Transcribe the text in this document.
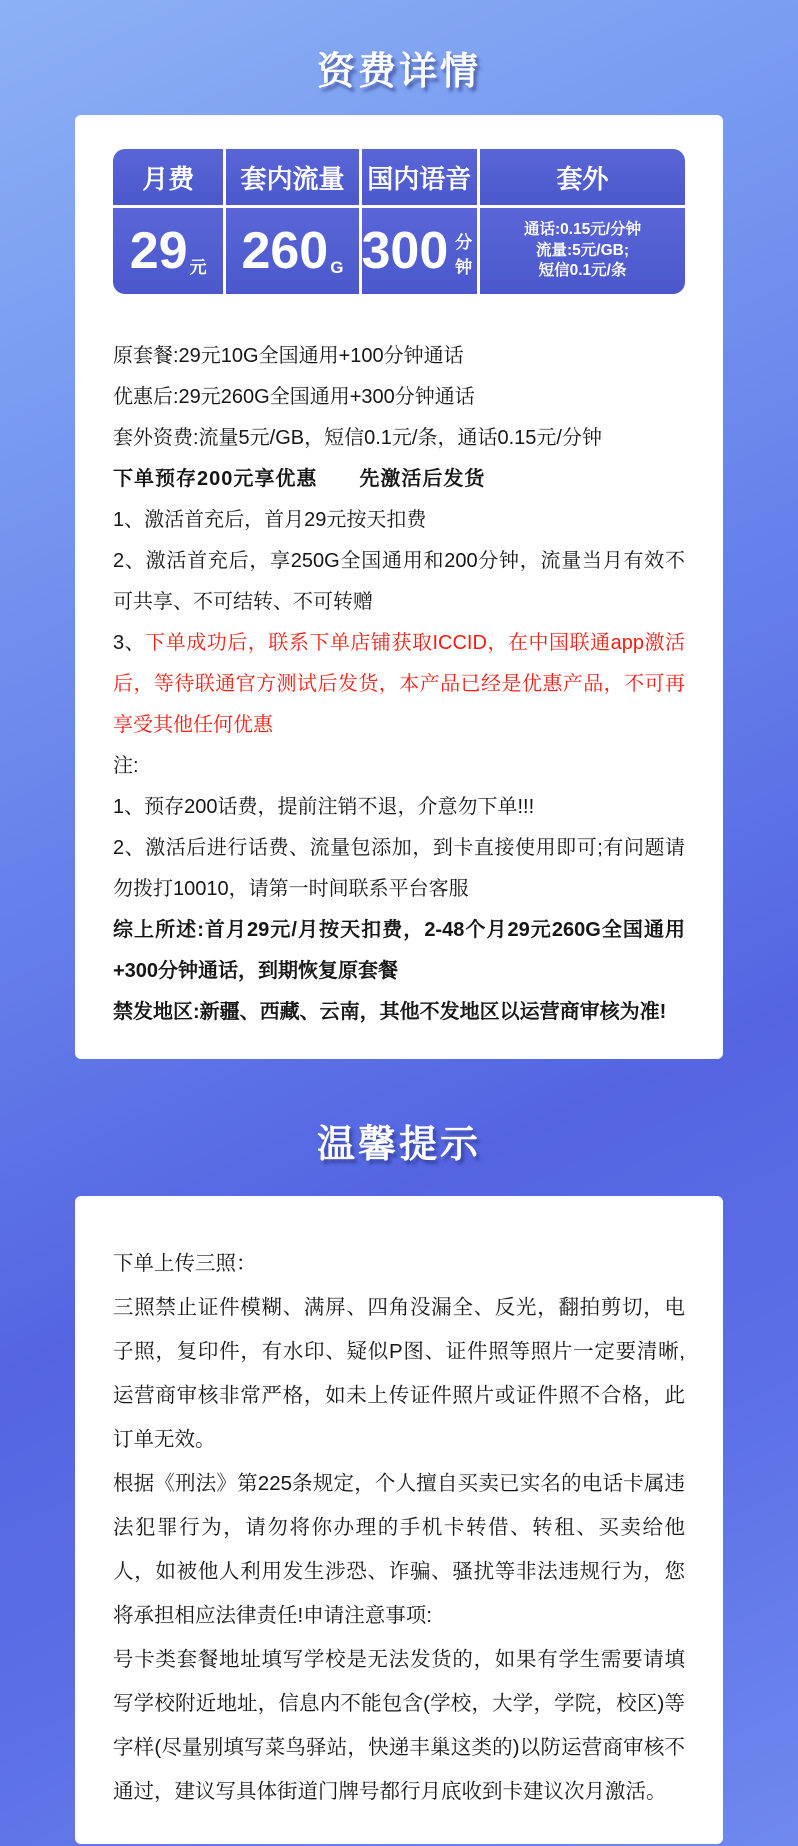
资费详情
月费	套内流量 国内语音	套外
29 元 260 G 300 分钟
通话:0.15元/分钟
流量:5元/GB;
短信0.1元/条

原套餐:29元10G全国通用+100分钟通话

优惠后:29元260G全国通用+300分钟通话

套外资费:流量5元/GB，短信0.1元/条，通话0.15元/分钟

下单预存200元享优惠　　先激活后发货

1、激活首充后，首月29元按天扣费

2、激活首充后，享250G全国通用和200分钟，流量当月有效不可共享、不可结转、不可转赠

3、下单成功后，联系下单店铺获取ICCID，在中国联通app激活后，等待联通官方测试后发货，本产品已经是优惠产品，不可再享受其他任何优惠

注:

1、预存200话费，提前注销不退，介意勿下单!!!

2、激活后进行话费、流量包添加，到卡直接使用即可;有问题请勿拨打10010，请第一时间联系平台客服

综上所述:首月29元/月按天扣费，2-48个月29元260G全国通用+300分钟通话，到期恢复原套餐

禁发地区:新疆、西藏、云南，其他不发地区以运营商审核为准!

温馨提示

下单上传三照：

三照禁止证件模糊、满屏、四角没漏全、反光，翻拍剪切，电子照，复印件，有水印、疑似P图、证件照等照片一定要清晰,运营商审核非常严格，如未上传证件照片或证件照不合格，此订单无效。

根据《刑法》第225条规定，个人擅自买卖已实名的电话卡属违法犯罪行为，请勿将你办理的手机卡转借、转租、买卖给他人，如被他人利用发生涉恐、诈骗、骚扰等非法违规行为，您将承担相应法律责任!申请注意事项:

号卡类套餐地址填写学校是无法发货的，如果有学生需要请填写学校附近地址，信息内不能包含(学校，大学，学院，校区)等字样(尽量别填写菜鸟驿站，快递丰巢这类的)以防运营商审核不通过，建议写具体街道门牌号都行月底收到卡建议次月激活。
